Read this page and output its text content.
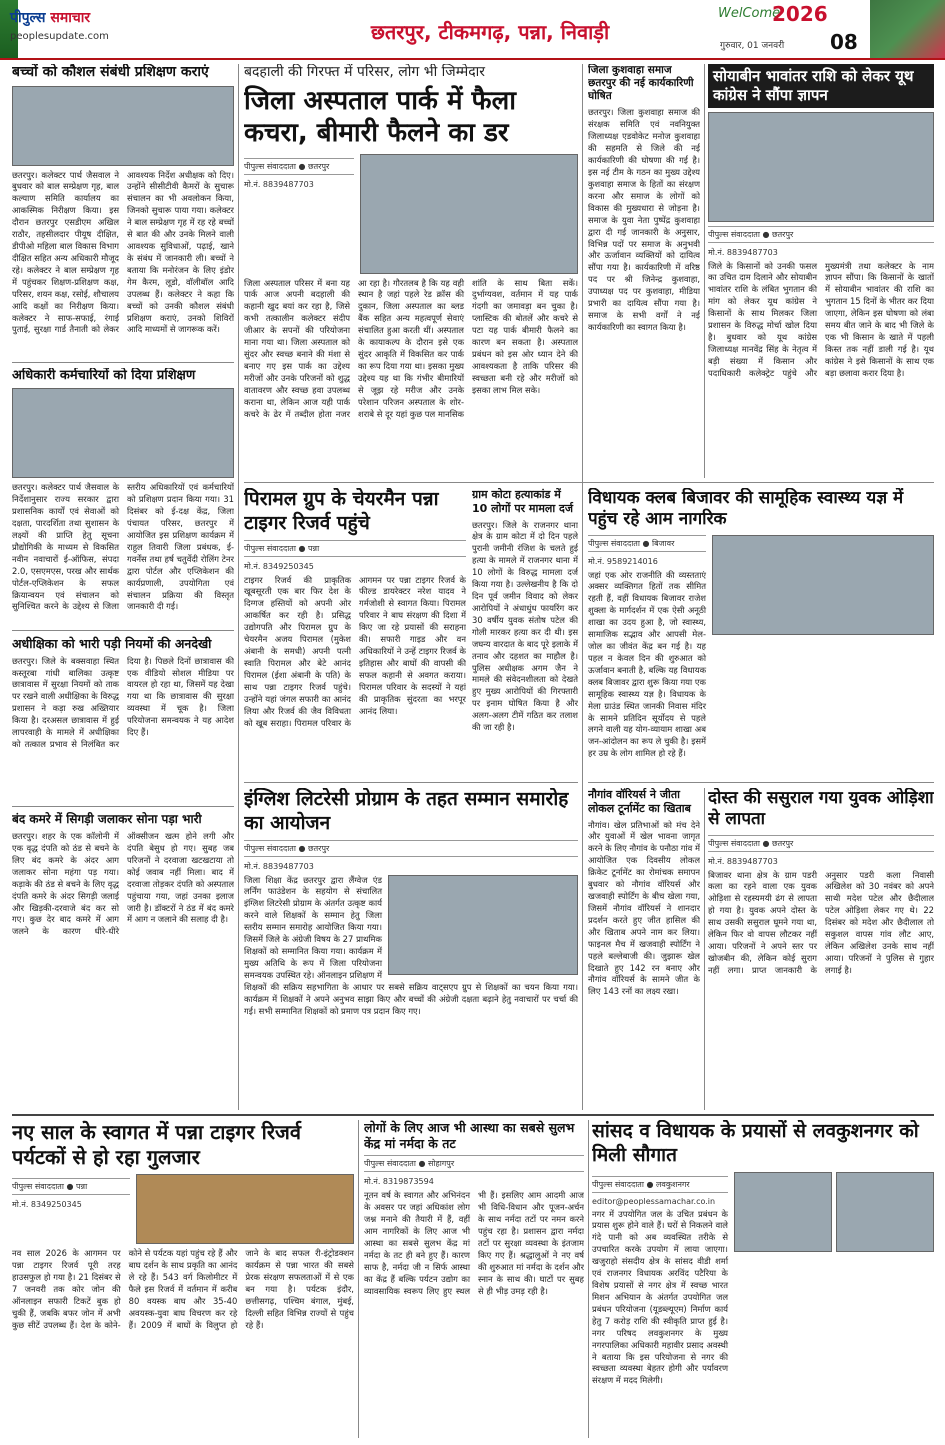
पीपुल्स समाचार
peoplesupdate.com	छतरपुर, टीकमगढ़, पन्ना, निवाड़ी
WelCome
2026
गुरुवार, 01 जनवरी 08
बच्चों को कौशल संबंधी प्रशिक्षण कराएं
छतरपुर। कलेक्टर पार्थ जैसवाल ने बुधवार को बाल सम्प्रेक्षण गृह, बाल कल्याण समिति कार्यालय का आकस्मिक निरीक्षण किया। इस दौरान छतरपुर एसडीएम अखिल राठौर, तहसीलदार पीयूष दीक्षित, डीपीओ महिला बाल विकास विभाग दीक्षित सहित अन्य अधिकारी मौजूद रहे। कलेक्टर ने बाल सम्प्रेक्षण गृह में पहुंचकर शिक्षण-प्रशिक्षण कक्ष, परिसर, शयन कक्ष, रसोई, शौचालय आदि कक्षों का निरीक्षण किया। कलेक्टर ने साफ-सफाई, रंगाई पुताई, सुरक्षा गार्ड तैनाती को लेकर आवश्यक निर्देश अधीक्षक को दिए। उन्होंने सीसीटीवी कैमरों के सुचारू संचालन का भी अवलोकन किया, जिनको सुचारू पाया गया। कलेक्टर ने बाल सम्प्रेक्षण गृह में रह रहे बच्चों से बात की और उनके मिलने वाली आवश्यक सुविधाओं, पढ़ाई, खाने के संबंध में जानकारी ली। बच्चों ने बताया कि मनोरंजन के लिए इंडोर गेम कैरम, लूडो, वॉलीबॉल आदि उपलब्ध हैं। कलेक्टर ने कहा कि बच्चों को उनकी कौशल संबंधी प्रशिक्षण कराएं, उनको शिविरों आदि माध्यमों से जागरूक करें।
अधिकारी कर्मचारियों को दिया प्रशिक्षण
छतरपुर। कलेक्टर पार्थ जैसवाल के निर्देशानुसार राज्य सरकार द्वारा प्रशासनिक कार्यों एवं सेवाओं को दक्षता, पारदर्शिता तथा सुशासन के लक्ष्यों की प्राप्ति हेतु सूचना प्रौद्योगिकी के माध्यम से विकसित नवीन नवाचारों ई-ऑफिस, संपदा 2.0, एसएमएस, परख और सार्थक पोर्टल-एप्लिकेशन के सफल क्रियान्वयन एवं संचालन को सुनिश्चित करने के उद्देश्य से जिला स्तरीय अधिकारियों एवं कर्मचारियों को प्रशिक्षण प्रदान किया गया। 31 दिसंबर को ई-दक्ष केंद्र, जिला पंचायत परिसर, छतरपुर में आयोजित इस प्रशिक्षण कार्यक्रम में राहुल तिवारी जिला प्रबंधक, ई-गवर्नेंस तथा हर्ष चतुर्वेदी रोलिंग टेनर द्वारा पोर्टल और एप्लिकेशन की कार्यप्रणाली, उपयोगिता एवं संचालन प्रक्रिया की विस्तृत जानकारी दी गई।
अधीक्षिका को भारी पड़ी नियमों की अनदेखी
छतरपुर। जिले के बक्सवाहा स्थित कस्तूरबा गांधी बालिका उत्कृष्ट छात्रावास में सुरक्षा नियमों को ताक पर रखने वाली अधीक्षिका के विरुद्ध प्रशासन ने कड़ा रुख अख्तियार किया है। दरअसल छात्रावास में हुई लापरवाही के मामले में अधीक्षिका को तत्काल प्रभाव से निलंबित कर दिया है। पिछले दिनों छात्रावास की एक वीडियो सोशल मीडिया पर वायरल हो रहा था, जिसमें यह देखा गया था कि छात्रावास की सुरक्षा व्यवस्था में चूक है। जिला परियोजना समन्वयक ने यह आदेश दिए हैं।
बंद कमरे में सिगड़ी जलाकर सोना पड़ा भारी
छतरपुर। शहर के एक कॉलोनी में एक वृद्ध दंपति को ठंड से बचने के लिए बंद कमरे के अंदर आग जलाकर सोना महंगा पड़ गया। कड़ाके की ठंड से बचने के लिए वृद्ध दंपति कमरे के अंदर सिगड़ी जलाई और खिड़की-दरवाजे बंद कर सो गए। कुछ देर बाद कमरे में आग जलने के कारण धीरे-धीरे ऑक्सीजन खत्म होने लगी और दंपति बेसुध हो गए। सुबह जब परिजनों ने दरवाजा खटखटाया तो कोई जवाब नहीं मिला। बाद में दरवाजा तोड़कर दंपति को अस्पताल पहुंचाया गया, जहां उनका इलाज जारी है। डॉक्टरों ने ठंड में बंद कमरे में आग न जलाने की सलाह दी है।
बदहाली की गिरफ्त में परिसर, लोग भी जिम्मेदार
जिला अस्पताल पार्क में फैला कचरा, बीमारी फैलने का डर
पीपुल्स संवाददाता ● छतरपुर
मो.नं. 8839487703
जिला अस्पताल परिसर में बना यह पार्क आज अपनी बदहाली की कहानी खुद बयां कर रहा है, जिसे कभी तत्कालीन कलेक्टर संदीप जीआर के सपनों की परियोजना माना गया था। जिला अस्पताल को सुंदर और स्वच्छ बनाने की मंशा से बनाए गए इस पार्क का उद्देश्य मरीजों और उनके परिजनों को शुद्ध वातावरण और स्वच्छ हवा उपलब्ध कराना था, लेकिन आज यही पार्क कचरे के ढेर में तब्दील होता नजर आ रहा है। गौरतलब है कि यह वही स्थान है जहां पहले रेड क्रॉस की दुकान, जिला अस्पताल का ब्लड बैंक सहित अन्य महत्वपूर्ण सेवाएं संचालित हुआ करती थीं। अस्पताल के कायाकल्प के दौरान इसे एक सुंदर आकृति में विकसित कर पार्क का रूप दिया गया था। इसका मुख्य उद्देश्य यह था कि गंभीर बीमारियों से जूझ रहे मरीज और उनके परेशान परिजन अस्पताल के शोर-शराबे से दूर यहां कुछ पल मानसिक शांति के साथ बिता सकें। दुर्भाग्यवश, वर्तमान में यह पार्क गंदगी का जमावड़ा बन चुका है। प्लास्टिक की बोतलें और कचरे से पटा यह पार्क बीमारी फैलने का कारण बन सकता है। अस्पताल प्रबंधन को इस ओर ध्यान देने की आवश्यकता है ताकि परिसर की स्वच्छता बनी रहे और मरीजों को इसका लाभ मिल सके।
पिरामल ग्रुप के चेयरमैन पन्ना टाइगर रिजर्व पहुंचे
पीपुल्स संवाददाता ● पन्ना
मो.नं. 8349250345
टाइगर रिजर्व की प्राकृतिक खूबसूरती एक बार फिर देश के दिग्गज हस्तियों को अपनी ओर आकर्षित कर रही है। प्रसिद्ध उद्योगपति और पिरामल ग्रुप के चेयरमैन अजय पिरामल (मुकेश अंबानी के समधी) अपनी पत्नी स्वाति पिरामल और बेटे आनंद पिरामल (ईशा अंबानी के पति) के साथ पन्ना टाइगर रिजर्व पहुंचे। उन्होंने यहां जंगल सफारी का आनंद लिया और रिजर्व की जैव विविधता को खूब सराहा। पिरामल परिवार के आगमन पर पन्ना टाइगर रिजर्व के फील्ड डायरेक्टर नरेश यादव ने गर्मजोशी से स्वागत किया। पिरामल परिवार ने बाघ संरक्षण की दिशा में किए जा रहे प्रयासों की सराहना की। सफारी गाइड और वन अधिकारियों ने उन्हें टाइगर रिजर्व के इतिहास और बाघों की वापसी की सफल कहानी से अवगत कराया। पिरामल परिवार के सदस्यों ने यहां की प्राकृतिक सुंदरता का भरपूर आनंद लिया।
ग्राम कोटा हत्याकांड में 10 लोगों पर मामला दर्ज
छतरपुर। जिले के राजनगर थाना क्षेत्र के ग्राम कोटा में दो दिन पहले पुरानी जमीनी रंजिश के चलते हुई हत्या के मामले में राजनगर थाना में 10 लोगों के विरुद्ध मामला दर्ज किया गया है। उल्लेखनीय है कि दो दिन पूर्व जमीन विवाद को लेकर आरोपियों ने अंधाधुंध फायरिंग कर 30 वर्षीय युवक संतोष पटेल की गोली मारकर हत्या कर दी थी। इस जघन्य वारदात के बाद पूरे इलाके में तनाव और दहशत का माहौल है। पुलिस अधीक्षक अगम जैन ने मामले की संवेदनशीलता को देखते हुए मुख्य आरोपियों की गिरफ्तारी पर इनाम घोषित किया है और अलग-अलग टीमें गठित कर तलाश की जा रही है।
इंग्लिश लिटरेसी प्रोग्राम के तहत सम्मान समारोह का आयोजन
पीपुल्स संवाददाता ● छतरपुर
मो.नं. 8839487703
जिला शिक्षा केंद्र छतरपुर द्वारा लैंग्वेज एंड लर्निंग फाउंडेशन के सहयोग से संचालित इंग्लिश लिटरेसी प्रोग्राम के अंतर्गत उत्कृष्ट कार्य करने वाले शिक्षकों के सम्मान हेतु जिला स्तरीय सम्मान समारोह आयोजित किया गया। जिसमें जिले के अंग्रेजी विषय के 27 प्राथमिक शिक्षकों को सम्मानित किया गया। कार्यक्रम में मुख्य अतिथि के रूप में जिला परियोजना समन्वयक उपस्थित रहे। ऑनलाइन प्रशिक्षण में शिक्षकों की सक्रिय सहभागिता के आधार पर सबसे सक्रिय वाट्सएप ग्रुप से शिक्षकों का चयन किया गया। कार्यक्रम में शिक्षकों ने अपने अनुभव साझा किए और बच्चों की अंग्रेजी दक्षता बढ़ाने हेतु नवाचारों पर चर्चा की गई। सभी सम्मानित शिक्षकों को प्रमाण पत्र प्रदान किए गए।
जिला कुशवाहा समाज छतरपुर की नई कार्यकारिणी घोषित
छतरपुर। जिला कुशवाहा समाज की संरक्षक समिति एवं नवनियुक्त जिलाध्यक्ष एडवोकेट मनोज कुशवाहा की सहमति से जिले की नई कार्यकारिणी की घोषणा की गई है। इस नई टीम के गठन का मुख्य उद्देश्य कुशवाहा समाज के हितों का संरक्षण करना और समाज के लोगों को विकास की मुख्यधारा से जोड़ना है। समाज के युवा नेता पुष्पेंद्र कुशवाहा द्वारा दी गई जानकारी के अनुसार, विभिन्न पदों पर समाज के अनुभवी और ऊर्जावान व्यक्तियों को दायित्व सौंपा गया है। कार्यकारिणी में वरिष्ठ पद पर श्री जिनेन्द्र कुशवाहा, उपाध्यक्ष पद पर कुशवाहा, मीडिया प्रभारी का दायित्व सौंपा गया है। समाज के सभी वर्गों ने नई कार्यकारिणी का स्वागत किया है।
सोयाबीन भावांतर राशि को लेकर यूथ कांग्रेस ने सौंपा ज्ञापन
पीपुल्स संवाददाता ● छतरपुर
मो.नं. 8839487703
जिले के किसानों को उनकी फसल का उचित दाम दिलाने और सोयाबीन भावांतर राशि के लंबित भुगतान की मांग को लेकर यूथ कांग्रेस ने किसानों के साथ मिलकर जिला प्रशासन के विरुद्ध मोर्चा खोल दिया है। बुधवार को यूथ कांग्रेस जिलाध्यक्ष मानवेंद्र सिंह के नेतृत्व में बड़ी संख्या में किसान और पदाधिकारी कलेक्ट्रेट पहुंचे और मुख्यमंत्री तथा कलेक्टर के नाम ज्ञापन सौंपा। कि किसानों के खातों में सोयाबीन भावांतर की राशि का भुगतान 15 दिनों के भीतर कर दिया जाएगा, लेकिन इस घोषणा को लंबा समय बीत जाने के बाद भी जिले के एक भी किसान के खाते में पहली किस्त तक नहीं डाली गई है। यूथ कांग्रेस ने इसे किसानों के साथ एक बड़ा छलावा करार दिया है।
विधायक क्लब बिजावर की सामूहिक स्वास्थ्य यज्ञ में पहुंच रहे आम नागरिक
पीपुल्स संवाददाता ● बिजावर
मो.नं. 9589214016
जहां एक ओर राजनीति की व्यस्तताएं अक्सर व्यक्तिगत हितों तक सीमित रहती हैं, वहीं विधायक बिजावर राजेश शुक्ला के मार्गदर्शन में एक ऐसी अनूठी शाखा का उदय हुआ है, जो स्वास्थ्य, सामाजिक सद्भाव और आपसी मेल-जोल का जीवंत केंद्र बन गई है। यह पहल न केवल दिन की शुरुआत को ऊर्जावान बनाती है, बल्कि यह विधायक क्लब बिजावर द्वारा शुरू किया गया एक सामूहिक स्वास्थ्य यज्ञ है। विधायक के मेला ग्राउंड स्थित जानकी निवास मंदिर के सामने प्रतिदिन सूर्योदय से पहले लगने वाली यह योग-व्यायाम शाखा अब जन-आंदोलन का रूप ले चुकी है। इसमें हर उम्र के लोग शामिल हो रहे हैं।
नौगांव वॉरियर्स ने जीता लोकल टूर्नामेंट का खिताब
नौगांव। खेल प्रतिभाओं को मंच देने और युवाओं में खेल भावना जागृत करने के लिए नौगांव के पनौठा गांव में आयोजित एक दिवसीय लोकल क्रिकेट टूर्नामेंट का रोमांचक समापन बुधवार को नौगांव वॉरियर्स और खजवाही स्पोर्टिंग के बीच खेला गया, जिसमें नौगांव वॉरियर्स ने शानदार प्रदर्शन करते हुए जीत हासिल की और खिताब अपने नाम कर लिया। फाइनल मैच में खजवाही स्पोर्टिंग ने पहले बल्लेबाजी की। जुझारू खेल दिखाते हुए 142 रन बनाए और नौगांव वॉरियर्स के सामने जीत के लिए 143 रनों का लक्ष्य रखा।
दोस्त की ससुराल गया युवक ओड़िशा से लापता
पीपुल्स संवाददाता ● छतरपुर
मो.नं. 8839487703
बिजावर थाना क्षेत्र के ग्राम पडरी कला का रहने वाला एक युवक ओड़िशा से रहस्यमयी ढंग से लापता हो गया है। युवक अपने दोस्त के साथ उसकी ससुराल घूमने गया था, लेकिन फिर वो वापस लौटकर नहीं आया। परिजनों ने अपने स्तर पर खोजबीन की, लेकिन कोई सुराग नहीं लगा। प्राप्त जानकारी के अनुसार पडरी कला निवासी अखिलेश को 30 नवंबर को अपने साथी मदेश पटेल और छैदीलाल पटेल ओड़िशा लेकर गए थे। 22 दिसंबर को मदेश और छैदीलाल तो सकुशल वापस गांव लौट आए, लेकिन अखिलेश उनके साथ नहीं आया। परिजनों ने पुलिस से गुहार लगाई है।
नए साल के स्वागत में पन्ना टाइगर रिजर्व पर्यटकों से हो रहा गुलजार
पीपुल्स संवाददाता ● पन्ना
मो.नं. 8349250345
नव साल 2026 के आगमन पर पन्ना टाइगर रिजर्व पूरी तरह हाउसफुल हो गया है। 21 दिसंबर से 7 जनवरी तक कोर जोन की ऑनलाइन सफारी टिकटें बुक हो चुकी हैं, जबकि बफर जोन में अभी कुछ सीटें उपलब्ध हैं। देश के कोने-कोने से पर्यटक यहां पहुंच रहे हैं और बाघ दर्शन के साथ प्रकृति का आनंद ले रहे हैं। 543 वर्ग किलोमीटर में फैले इस रिजर्व में वर्तमान में करीब 80 वयस्क बाघ और 35-40 अवयस्क-युवा बाघ विचरण कर रहे हैं। 2009 में बाघों के विलुप्त हो जाने के बाद सफल री-इंट्रोडक्शन कार्यक्रम से पन्ना भारत की सबसे प्रेरक संरक्षण सफलताओं में से एक बन गया है। पर्यटक इंदौर, छत्तीसगढ़, पश्चिम बंगाल, मुंबई, दिल्ली सहित विभिन्न राज्यों से पहुंच रहे हैं।
लोगों के लिए आज भी आस्था का सबसे सुलभ केंद्र मां नर्मदा के तट
पीपुल्स संवाददाता ● सोहागपुर
मो.नं. 8319873594
नूतन वर्ष के स्वागत और अभिनंदन के अवसर पर जहां अधिकांश लोग जश्न मनाने की तैयारी में हैं, वहीं आम नागरिकों के लिए आज भी आस्था का सबसे सुलभ केंद्र मां नर्मदा के तट ही बने हुए हैं। कारण साफ है, नर्मदा जी न सिर्फ आस्था का केंद्र हैं बल्कि पर्यटन उद्योग का व्यावसायिक स्वरूप लिए हुए स्थल भी हैं। इसलिए आम आदमी आज भी विधि-विधान और पूजन-अर्चन के साथ नर्मदा तटों पर नमन करने पहुंच रहा है। प्रशासन द्वारा नर्मदा तटों पर सुरक्षा व्यवस्था के इंतजाम किए गए हैं। श्रद्धालुओं ने नए वर्ष की शुरुआत मां नर्मदा के दर्शन और स्नान के साथ की। घाटों पर सुबह से ही भीड़ उमड़ रही है।
सांसद व विधायक के प्रयासों से लवकुशनगर को मिली सौगात
पीपुल्स संवाददाता ● लवकुशनगर
editor@peoplessamachar.co.in
नगर में उपयोगित जल के उचित प्रबंधन के प्रयास शुरू होने वाले हैं। घरों से निकलने वाले गंदे पानी को अब व्यवस्थित तरीके से उपचारित करके उपयोग में लाया जाएगा। खजुराहो संसदीय क्षेत्र के सांसद वीडी शर्मा एवं राजनगर विधायक अरविंद पटैरिया के विशेष प्रयासों से नगर क्षेत्र में स्वच्छ भारत मिशन अभियान के अंतर्गत उपयोगित जल प्रबंधन परियोजना (यूडब्ल्यूएम) निर्माण कार्य हेतु 7 करोड़ राशि की स्वीकृति प्राप्त हुई है। नगर परिषद लवकुशनगर के मुख्य नगरपालिका अधिकारी महावीर प्रसाद अवस्थी ने बताया कि इस परियोजना से नगर की स्वच्छता व्यवस्था बेहतर होगी और पर्यावरण संरक्षण में मदद मिलेगी।
